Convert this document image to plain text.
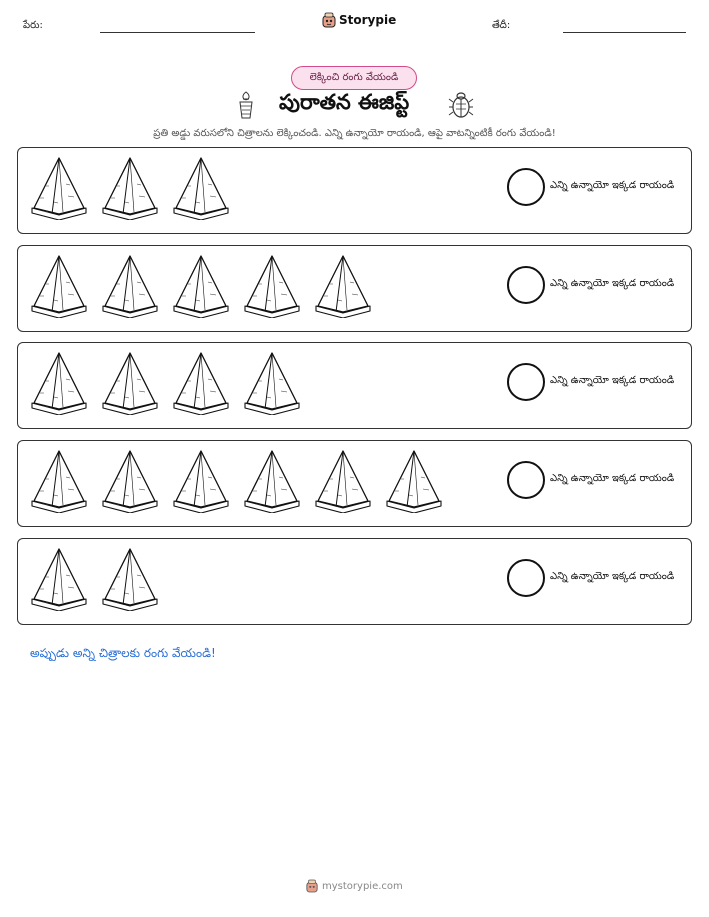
పేరు:	Storypie	తేదీ:
లెక్కించి రంగు వేయండి
పురాతన ఈజిప్ట్
ప్రతి అడ్డు వరుసలోని చిత్రాలను లెక్కించండి. ఎన్ని ఉన్నాయో రాయండి, ఆపై వాటన్నింటికీ రంగు వేయండి!
ఎన్ని ఉన్నాయో ఇక్కడ రాయండి
ఎన్ని ఉన్నాయో ఇక్కడ రాయండి
ఎన్ని ఉన్నాయో ఇక్కడ రాయండి
ఎన్ని ఉన్నాయో ఇక్కడ రాయండి
ఎన్ని ఉన్నాయో ఇక్కడ రాయండి
అప్పుడు అన్ని చిత్రాలకు రంగు వేయండి!
mystorypie.com
